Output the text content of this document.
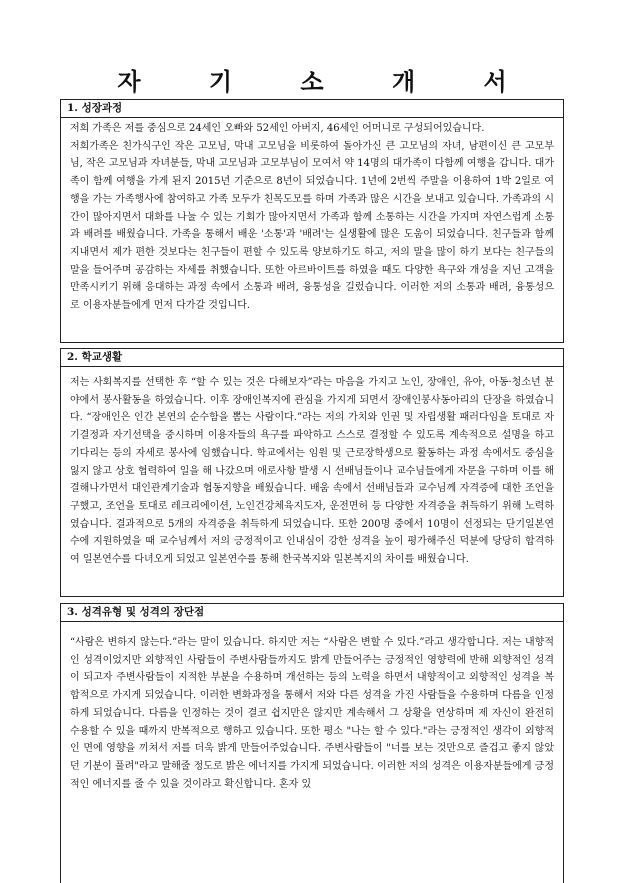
자 기 소 개 서
1. 성장과정

저희 가족은 저를 중심으로 24세인 오빠와 52세인 아버지, 46세인 어머니로 구성되어있습니다.

저희가족은 친가식구인 작은 고모님, 막내 고모님을 비롯하여 돌아가신 큰 고모님의 자녀, 남편이신 큰 고모부님, 작은 고모님과 자녀분들, 막내 고모님과 고모부님이 모여서 약 14명의 대가족이 다함께 여행을 갑니다. 대가족이 함께 여행을 가게 된지 2015년 기준으로 8년이 되었습니다. 1년에 2번씩 주말을 이용하여 1박 2일로 여행을 가는 가족행사에 참여하고 가족 모두가 친목도모를 하며 가족과 많은 시간을 보내고 있습니다. 가족과의 시간이 많아지면서 대화를 나눌 수 있는 기회가 많아지면서 가족과 함께 소통하는 시간을 가지며 자연스럽게 소통과 배려를 배웠습니다. 가족을 통해서 배운 '소통'과 '배려'는 실생활에 많은 도움이 되었습니다. 친구들과 함께 지내면서 제가 편한 것보다는 친구들이 편할 수 있도록 양보하기도 하고, 저의 말을 많이 하기 보다는 친구들의 말을 들어주며 공감하는 자세를 취했습니다. 또한 아르바이트를 하였을 때도 다양한 욕구와 개성을 지닌 고객을 만족시키기 위해 응대하는 과정 속에서 소통과 배려, 융통성을 길렀습니다. 이러한 저의 소통과 배려, 융통성으로 이용자분들에게 먼저 다가갈 것입니다.

2. 학교생활

저는 사회복지를 선택한 후 “할 수 있는 것은 다해보자”라는 마음을 가지고 노인, 장애인, 유아, 아동·청소년 분야에서 봉사활동을 하였습니다. 이후 장애인복지에 관심을 가지게 되면서 장애인봉사동아리의 단장을 하였습니다. “장애인은 인간 본연의 순수함을 뽐는 사람이다.”라는 저의 가치와 인권 및 자립생활 패러다임을 토대로 자기결정과 자기선택을 중시하며 이용자들의 욕구를 파악하고 스스로 결정할 수 있도록 계속적으로 설명을 하고 기다리는 등의 자세로 봉사에 임했습니다. 학교에서는 임원 및 근로장학생으로 활동하는 과정 속에서도 중심을 잃지 않고 상호 협력하여 일을 해 나갔으며 애로사항 발생 시 선배님들이나 교수님들에게 자문을 구하며 이를 해결해나가면서 대인관계기술과 협동지향을 배웠습니다. 배움 속에서 선배님들과 교수님께 자격증에 대한 조언을 구했고, 조언을 토대로 레크리에이션, 노인건강체육지도자, 운전면허 등 다양한 자격증을 취득하기 위해 노력하였습니다. 결과적으로 5개의 자격증을 취득하게 되었습니다. 또한 200명 중에서 10명이 선정되는 단기일본연수에 지원하였을 때 교수님께서 저의 긍정적이고 인내심이 강한 성격을 높이 평가해주신 덕분에 당당히 합격하여 일본연수를 다녀오게 되었고 일본연수를 통해 한국복지와 일본복지의 차이를 배웠습니다.

3. 성격유형 및 성격의 장단점

“사람은 변하지 않는다.”라는 말이 있습니다. 하지만 저는 “사람은 변할 수 있다.”라고 생각합니다. 저는 내향적인 성격이었지만 외향적인 사람들이 주변사람들까지도 밝게 만들어주는 긍정적인 영향력에 반해 외향적인 성격이 되고자 주변사람들이 지적한 부분을 수용하며 개선하는 등의 노력을 하면서 내향적이고 외향적인 성격을 복합적으로 가지게 되었습니다. 이러한 변화과정을 통해서 저와 다른 성격을 가진 사람들을 수용하며 다름을 인정하게 되었습니다. 다름을 인정하는 것이 결코 쉽지만은 않지만 계속해서 그 상황을 연상하며 제 자신이 완전히 수용할 수 있을 때까지 반복적으로 행하고 있습니다. 또한 평소 "나는 할 수 있다."라는 긍정적인 생각이 외향적인 면에 영향을 끼쳐서 저를 더욱 밝게 만들어주었습니다. 주변사람들이 "너를 보는 것만으로 즐겁고 좋지 않았던 기분이 풀려"라고 말해줄 정도로 밝은 에너지를 가지게 되었습니다. 이러한 저의 성격은 이용자분들에게 긍정적인 에너지를 줄 수 있을 것이라고 확신합니다. 혼자 있
